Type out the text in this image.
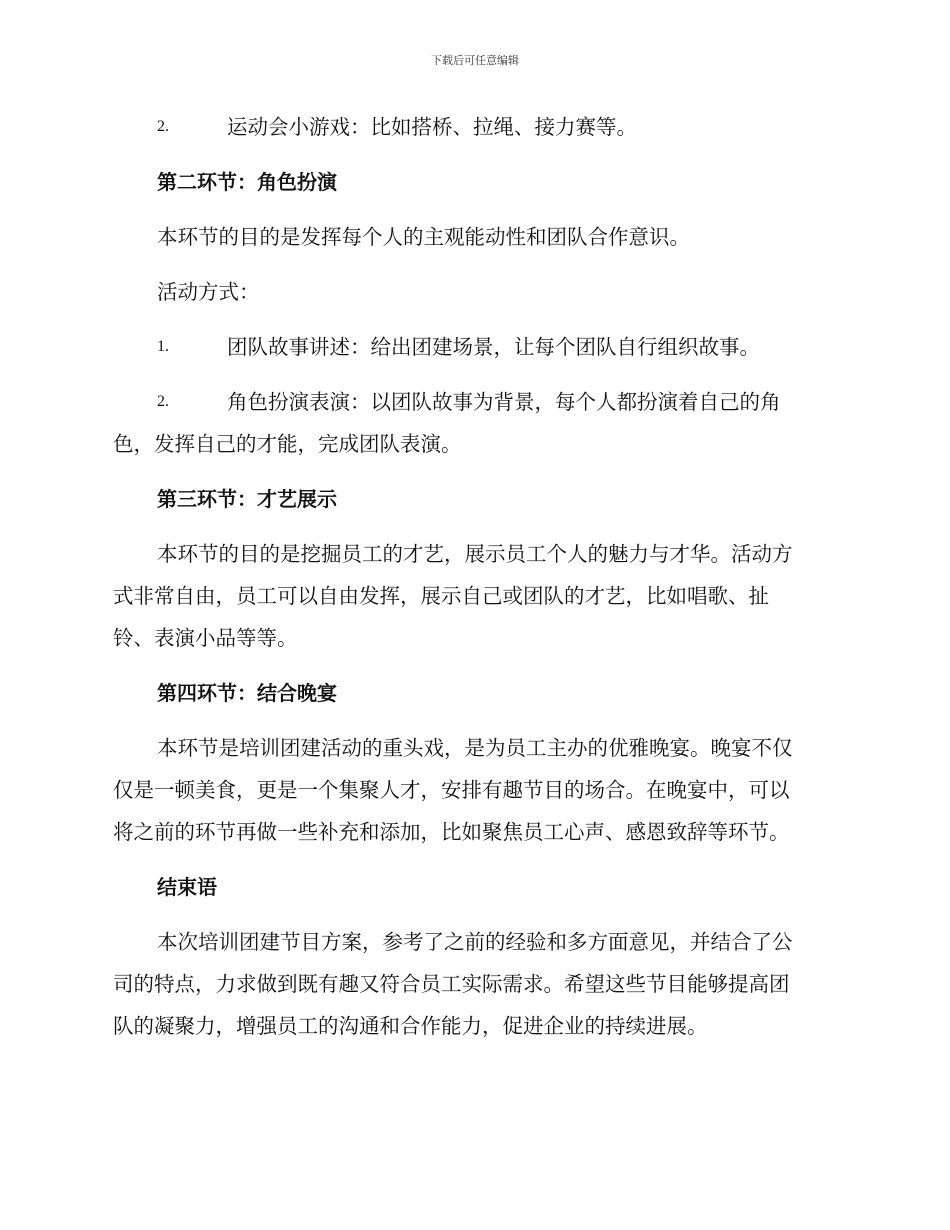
下载后可任意编辑
2.	运动会小游戏：比如搭桥、拉绳、接力赛等。
第二环节：角色扮演
本环节的目的是发挥每个人的主观能动性和团队合作意识。
活动方式：
1.	团队故事讲述：给出团建场景，让每个团队自行组织故事。
2.	角色扮演表演：以团队故事为背景，每个人都扮演着自己的角
色，发挥自己的才能，完成团队表演。
第三环节：才艺展示
本环节的目的是挖掘员工的才艺，展示员工个人的魅力与才华。活动方
式非常自由，员工可以自由发挥，展示自己或团队的才艺，比如唱歌、扯
铃、表演小品等等。
第四环节：结合晚宴
本环节是培训团建活动的重头戏，是为员工主办的优雅晚宴。晚宴不仅
仅是一顿美食，更是一个集聚人才，安排有趣节目的场合。在晚宴中，可以
将之前的环节再做一些补充和添加，比如聚焦员工心声、感恩致辞等环节。
结束语
本次培训团建节目方案，参考了之前的经验和多方面意见，并结合了公
司的特点，力求做到既有趣又符合员工实际需求。希望这些节目能够提高团
队的凝聚力，增强员工的沟通和合作能力，促进企业的持续进展。
